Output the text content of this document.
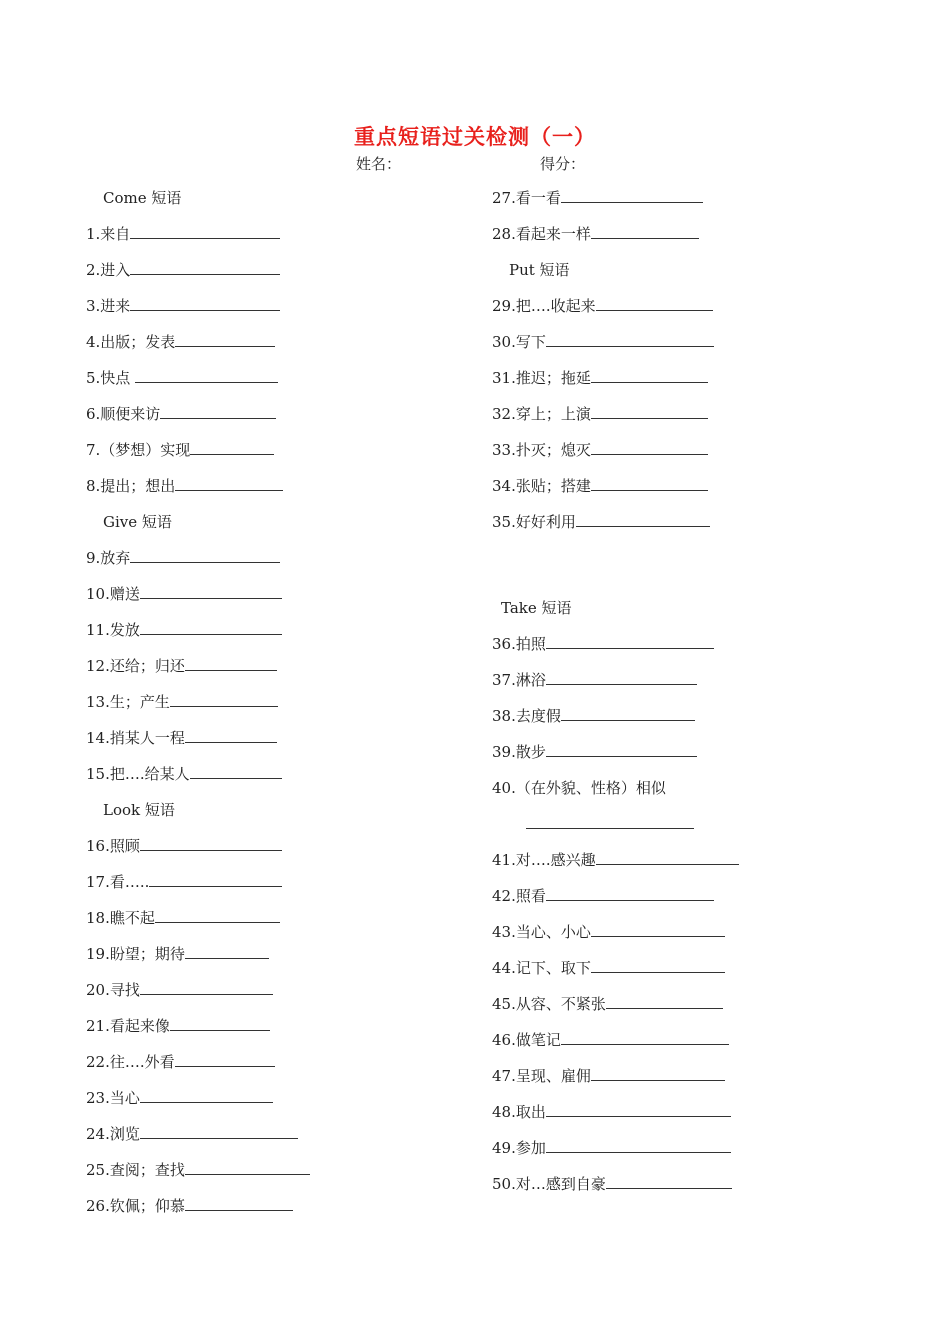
重点短语过关检测（一）
姓名：	得分：
Come 短语
1.来自
2.进入
3.进来
4.出版；发表
5.快点
6.顺便来访
7.（梦想）实现
8.提出；想出
Give 短语
9.放弃
10.赠送
11.发放
12.还给；归还
13.生；产生
14.捎某人一程
15.把….给某人
Look 短语
16.照顾
17.看…..
18.瞧不起
19.盼望；期待
20.寻找
21.看起来像
22.往….外看
23.当心
24.浏览
25.查阅；查找
26.钦佩；仰慕
27.看一看
28.看起来一样
Put 短语
29.把….收起来
30.写下
31.推迟；拖延
32.穿上；上演
33.扑灭；熄灭
34.张贴；搭建
35.好好利用
Take 短语
36.拍照
37.淋浴
38.去度假
39.散步
40.（在外貌、性格）相似
41.对….感兴趣
42.照看
43.当心、小心
44.记下、取下
45.从容、不紧张
46.做笔记
47.呈现、雇佣
48.取出
49.参加
50.对…感到自豪
